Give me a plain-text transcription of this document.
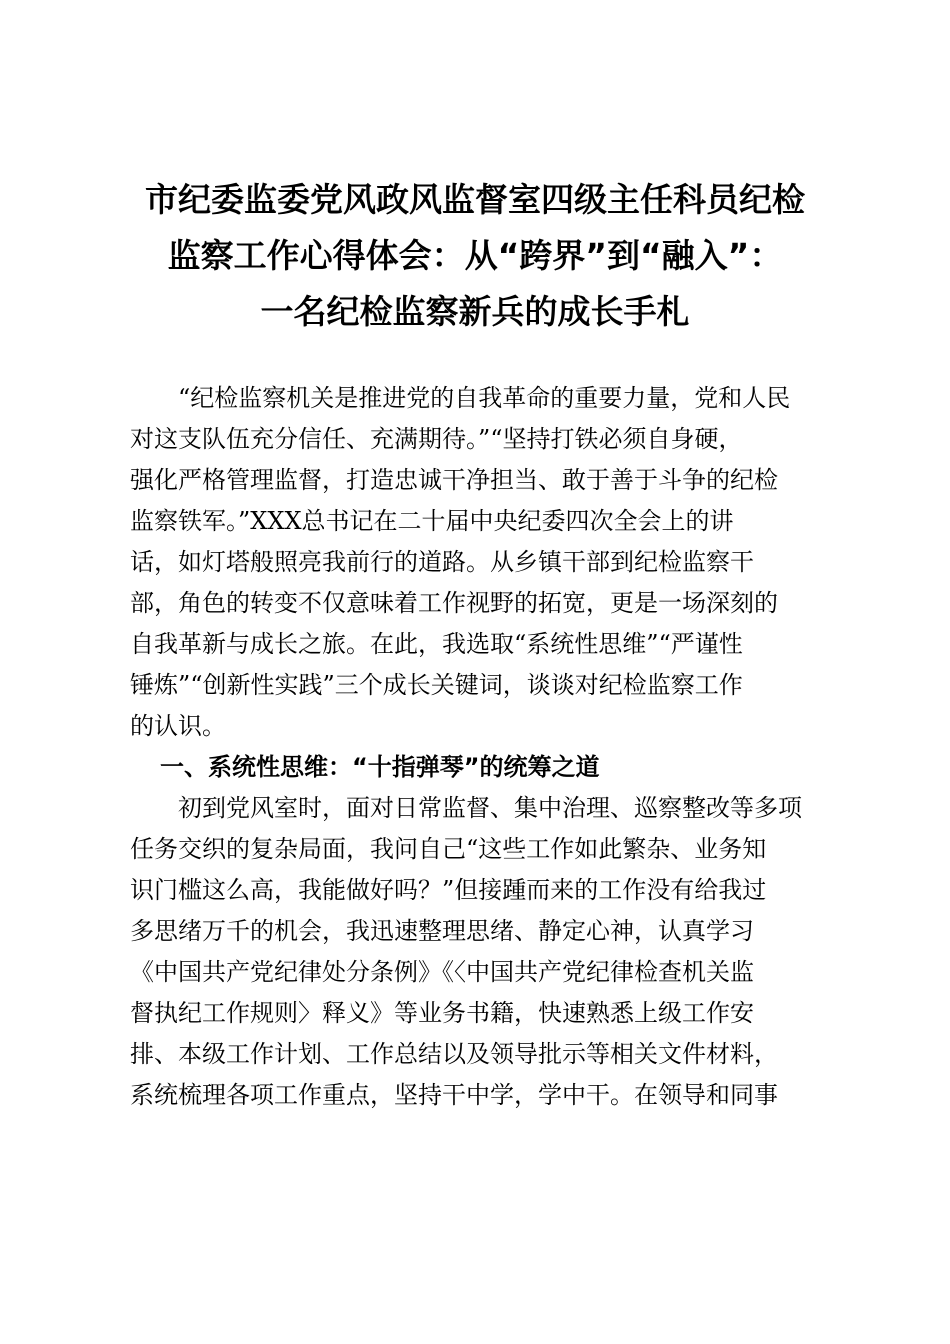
市纪委监委党风政风监督室四级主任科员纪检
监察工作心得体会：从“跨界”到“融入”：
一名纪检监察新兵的成长手札

“纪检监察机关是推进党的自我革命的重要力量，党和人民
对这支队伍充分信任、充满期待。”“坚持打铁必须自身硬，
强化严格管理监督，打造忠诚干净担当、敢于善于斗争的纪检
监察铁军。”XXX总书记在二十届中央纪委四次全会上的讲
话，如灯塔般照亮我前行的道路。从乡镇干部到纪检监察干
部，角色的转变不仅意味着工作视野的拓宽，更是一场深刻的
自我革新与成长之旅。在此，我选取“系统性思维”“严谨性
锤炼”“创新性实践”三个成长关键词，谈谈对纪检监察工作
的认识。

一、系统性思维：“十指弹琴”的统筹之道

初到党风室时，面对日常监督、集中治理、巡察整改等多项
任务交织的复杂局面，我问自己“这些工作如此繁杂、业务知
识门槛这么高，我能做好吗？”但接踵而来的工作没有给我过
多思绪万千的机会，我迅速整理思绪、静定心神，认真学习
《中国共产党纪律处分条例》《〈中国共产党纪律检查机关监
督执纪工作规则〉释义》等业务书籍，快速熟悉上级工作安
排、本级工作计划、工作总结以及领导批示等相关文件材料，
系统梳理各项工作重点，坚持干中学，学中干。在领导和同事
